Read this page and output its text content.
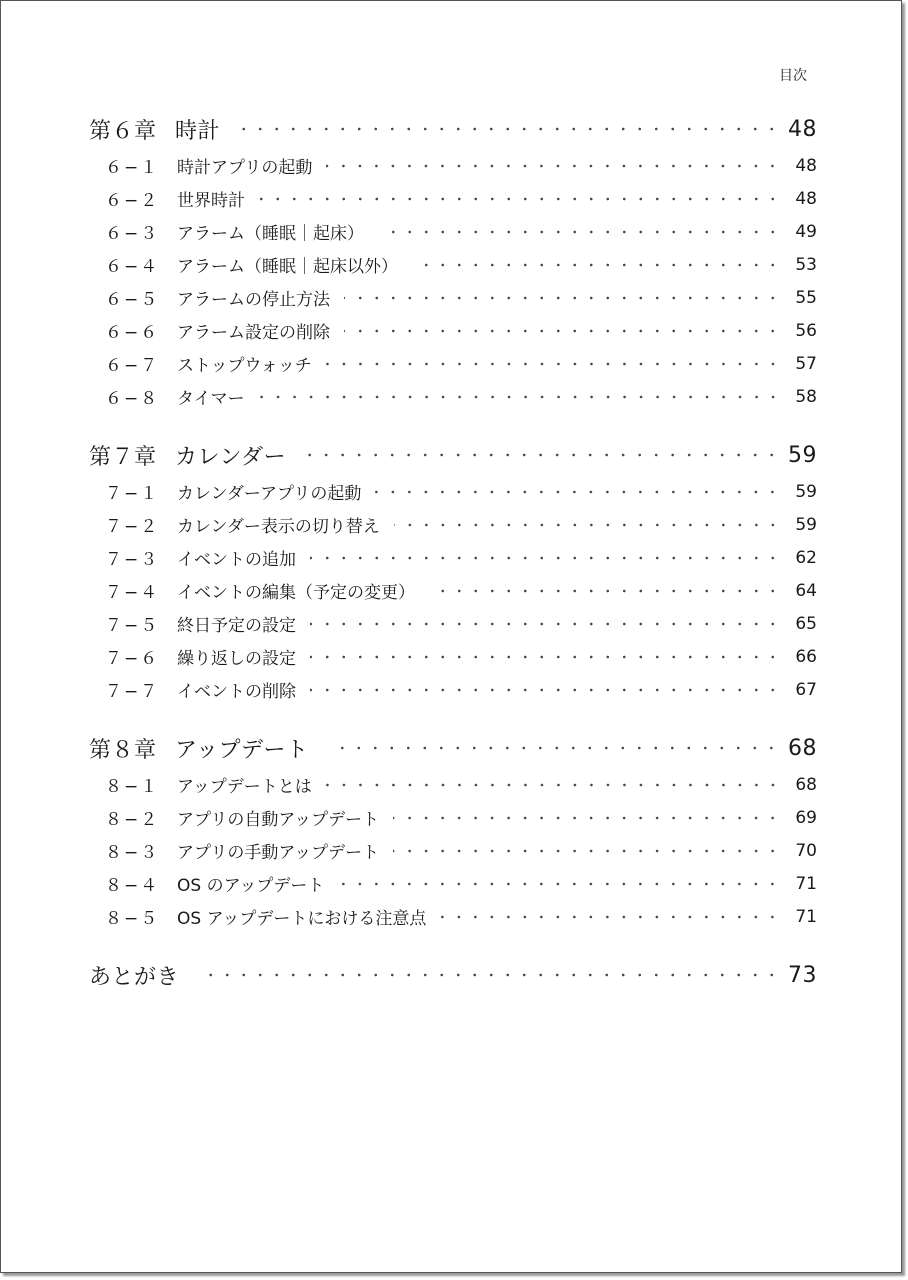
目次
第６章 時計	48
６−１	時計アプリの起動	48
６−２	世界時計	48
６−３	アラーム（睡眠｜起床）	49
６−４	アラーム（睡眠｜起床以外）	53
６−５	アラームの停止方法	55
６−６	アラーム設定の削除	56
６−７	ストップウォッチ	57
６−８	タイマー	58
第７章 カレンダー	59
７−１	カレンダーアプリの起動	59
７−２	カレンダー表示の切り替え	59
７−３	イベントの追加	62
７−４	イベントの編集（予定の変更）	64
７−５	終日予定の設定	65
７−６	繰り返しの設定	66
７−７	イベントの削除	67
第８章 アップデート	68
８−１	アップデートとは	68
８−２	アプリの自動アップデート	69
８−３	アプリの手動アップデート	70
８−４	OS のアップデート	71
８−５	OS アップデートにおける注意点	71
あとがき	73
